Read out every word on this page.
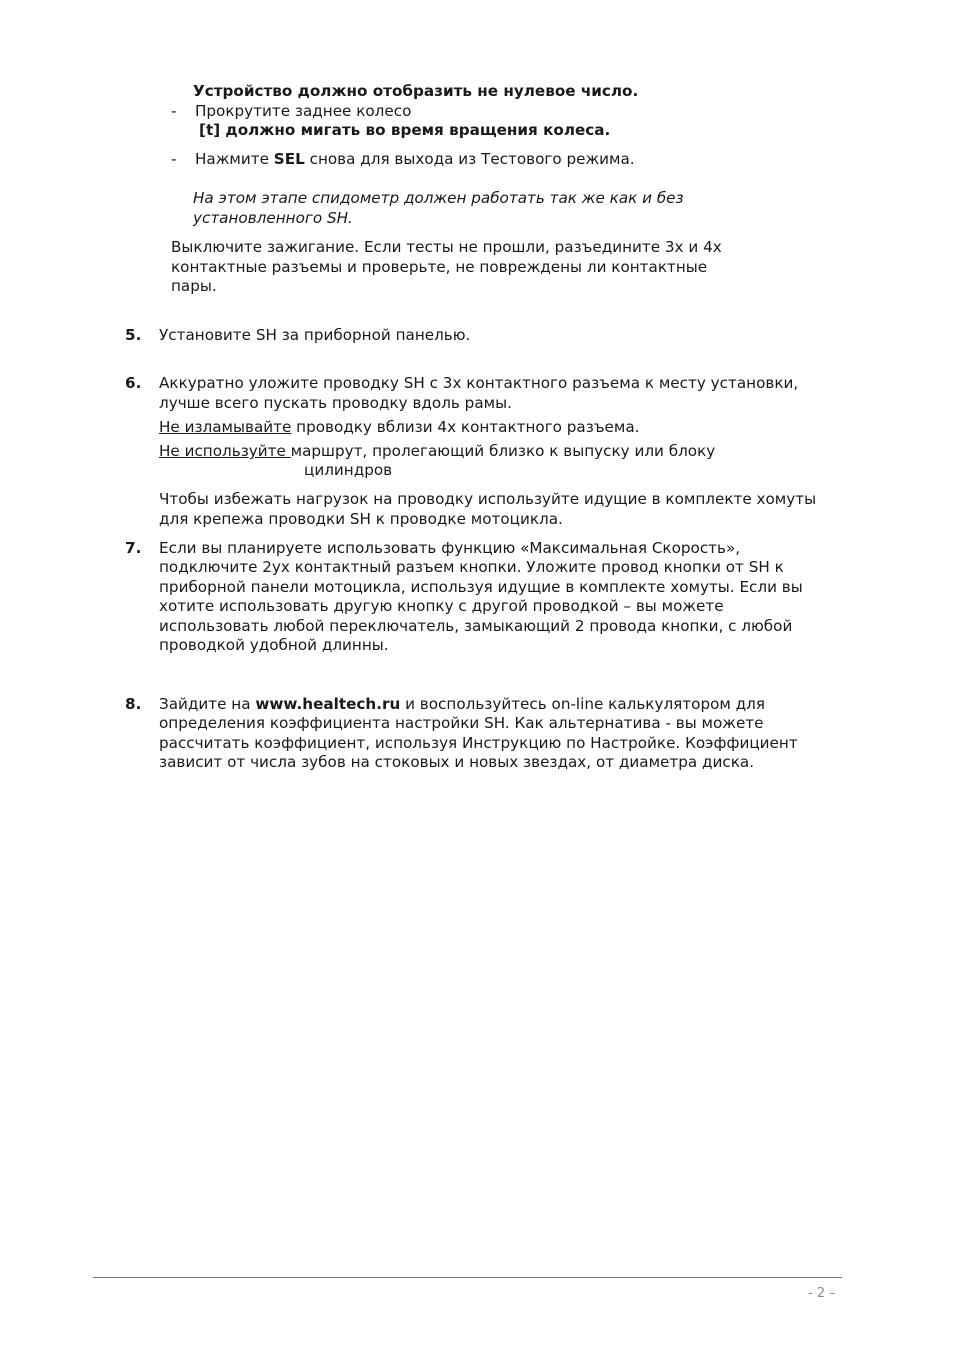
Устройство должно отобразить не нулевое число.
- Прокрутите заднее колесо
[t] должно мигать во время вращения колеса.
- Нажмите SEL снова для выхода из Тестового режима.
На этом этапе спидометр должен работать так же как и без
установленного SH.
Выключите зажигание. Если тесты не прошли, разъедините 3х и 4х
контактные разъемы и проверьте, не повреждены ли контактные
пары.
5. Установите SH за приборной панелью.
6. Аккуратно уложите проводку SH с 3х контактного разъема к месту установки,
лучше всего пускать проводку вдоль рамы.
Не изламывайте проводку вблизи 4х контактного разъема.
Не используйте маршрут, пролегающий близко к выпуску или блоку
цилиндров
Чтобы избежать нагрузок на проводку используйте идущие в комплекте хомуты
для крепежа проводки SH к проводке мотоцикла.
7. Если вы планируете использовать функцию «Максимальная Скорость»,
подключите 2ух контактный разъем кнопки. Уложите провод кнопки от SH к
приборной панели мотоцикла, используя идущие в комплекте хомуты. Если вы
хотите использовать другую кнопку с другой проводкой – вы можете
использовать любой переключатель, замыкающий 2 провода кнопки, с любой
проводкой удобной длинны.
8. Зайдите на www.healtech.ru и воспользуйтесь on-line калькулятором для
определения коэффициента настройки SH. Как альтернатива - вы можете
рассчитать коэффициент, используя Инструкцию по Настройке. Коэффициент
зависит от числа зубов на стоковых и новых звездах, от диаметра диска.
- 2 –
